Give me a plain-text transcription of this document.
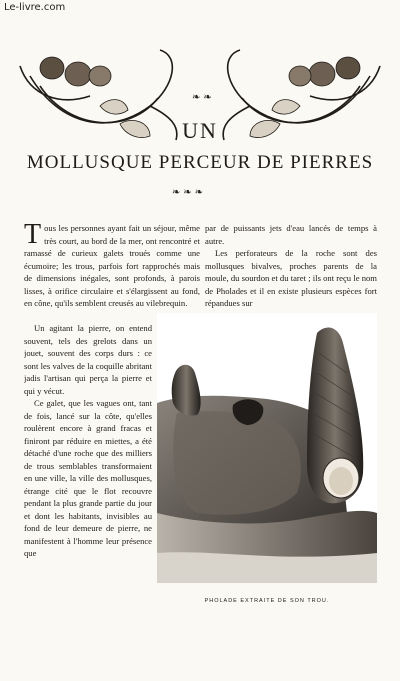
Le-livre.com
❧❧
UN
MOLLUSQUE PERCEUR DE PIERRES
❧❧❧
T ous les personnes ayant fait un séjour, même très court, au bord de la mer, ont rencontré et ramassé de curieux galets troués comme une écumoire; les trous, parfois fort rapprochés mais de dimensions inégales, sont profonds, à parois lisses, à orifice circulaire et s'élargissent au fond, en cône, qu'ils semblent creusés au vilebrequin.

Un agitant la pierre, on entend souvent, tels des grelots dans un jouet, souvent des corps durs : ce sont les valves de la coquille abritant jadis l'artisan qui perça la pierre et qui y vécut.

Ce galet, que les vagues ont, tant de fois, lancé sur la côte, qu'elles roulèrent encore à grand fracas et finiront par réduire en miettes, a été détaché d'une roche que des milliers de trous semblables transformaient en une ville, la ville des mollusques, étrange cité que le flot recouvre pendant la plus grande partie du jour et dont les habitants, invisibles au fond de leur demeure de pierre, ne manifestent à l'homme leur présence que

par de puissants jets d'eau lancés de temps à autre.

Les perforateurs de la roche sont des mollusques bivalves, proches parents de la moule, du sourdon et du taret ; ils ont reçu le nom de Pholades et il en existe plusieurs espèces fort répandues sur

PHOLADE EXTRAITE DE SON TROU.
